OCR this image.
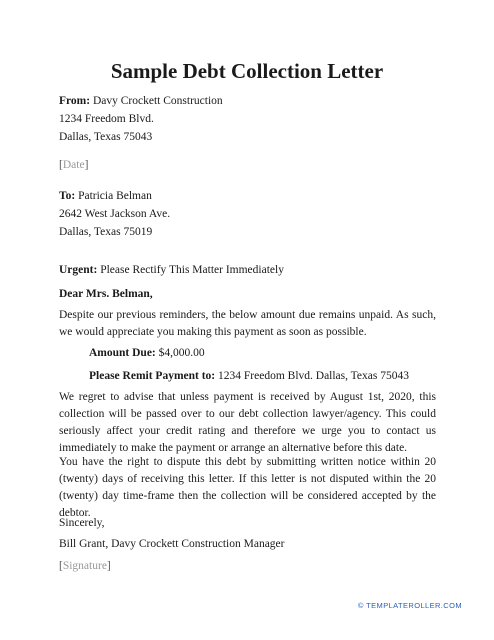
Sample Debt Collection Letter
From: Davy Crockett Construction
1234 Freedom Blvd.
Dallas, Texas 75043
[Date]
To: Patricia Belman
2642 West Jackson Ave.
Dallas, Texas 75019
Urgent: Please Rectify This Matter Immediately
Dear Mrs. Belman,
Despite our previous reminders, the below amount due remains unpaid. As such, we would appreciate you making this payment as soon as possible.
Amount Due: $4,000.00
Please Remit Payment to: 1234 Freedom Blvd. Dallas, Texas 75043
We regret to advise that unless payment is received by August 1st, 2020, this collection will be passed over to our debt collection lawyer/agency. This could seriously affect your credit rating and therefore we urge you to contact us immediately to make the payment or arrange an alternative before this date.
You have the right to dispute this debt by submitting written notice within 20 (twenty) days of receiving this letter. If this letter is not disputed within the 20 (twenty) day time-frame then the collection will be considered accepted by the debtor.
Sincerely,
Bill Grant, Davy Crockett Construction Manager
[Signature]
© TEMPLATEROLLER.COM
